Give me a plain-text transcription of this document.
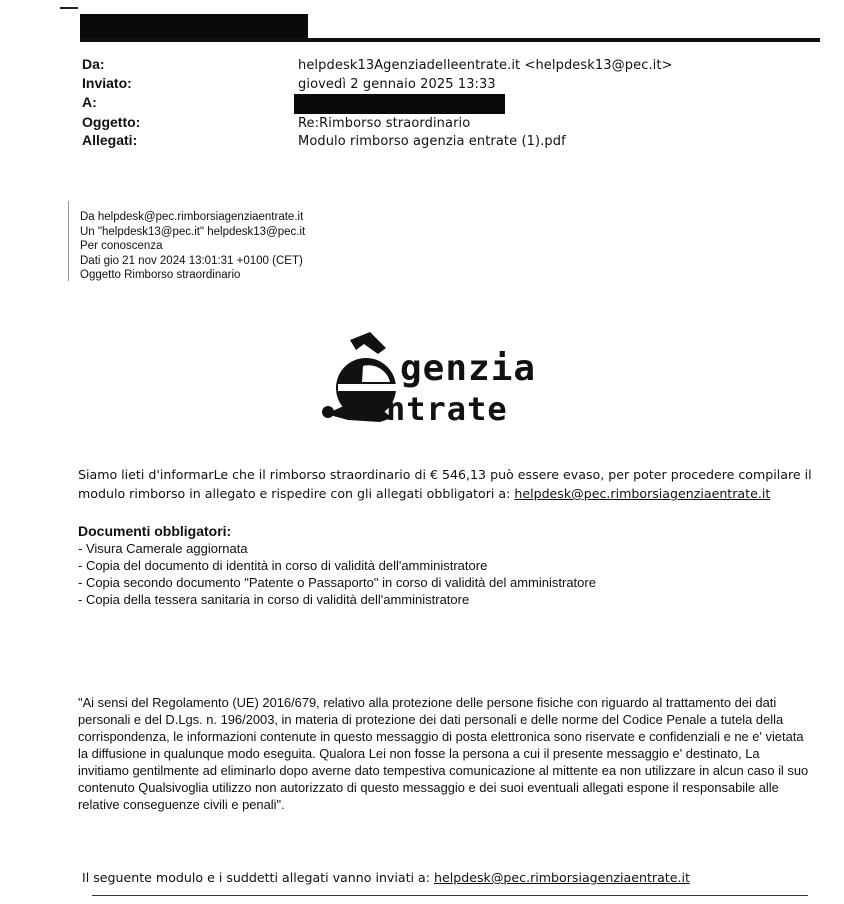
Da:	helpdesk13Agenziadelleentrate.it <helpdesk13@pec.it>
Inviato:	giovedì 2 gennaio 2025 13:33
A:
Oggetto:	Re:Rimborso straordinario
Allegati:	Modulo rimborso agenzia entrate (1).pdf
Da helpdesk@pec.rimborsiagenziaentrate.it
Un "helpdesk13@pec.it" helpdesk13@pec.it
Per conoscenza
Dati gio 21 nov 2024 13:01:31 +0100 (CET)
Oggetto Rimborso straordinario
genzia
ntrate
Siamo lieti d'informarLe che il rimborso straordinario di € 546,13 può essere evaso, per poter procedere compilare il modulo rimborso in allegato e rispedire con gli allegati obbligatori a: helpdesk@pec.rimborsiagenziaentrate.it
Documenti obbligatori:
- Visura Camerale aggiornata
- Copia del documento di identità in corso di validità dell'amministratore
- Copia secondo documento "Patente o Passaporto" in corso di validità del amministratore
- Copia della tessera sanitaria in corso di validità dell'amministratore
"Ai sensi del Regolamento (UE) 2016/679, relativo alla protezione delle persone fisiche con riguardo al trattamento dei dati personali e del D.Lgs. n. 196/2003, in materia di protezione dei dati personali e delle norme del Codice Penale a tutela della corrispondenza, le informazioni contenute in questo messaggio di posta elettronica sono riservate e confidenziali e ne e' vietata la diffusione in qualunque modo eseguita. Qualora Lei non fosse la persona a cui il presente messaggio e' destinato, La invitiamo gentilmente ad eliminarlo dopo averne dato tempestiva comunicazione al mittente ea non utilizzare in alcun caso il suo contenuto Qualsivoglia utilizzo non autorizzato di questo messaggio e dei suoi eventuali allegati espone il responsabile alle relative conseguenze civili e penali".
Il seguente modulo e i suddetti allegati vanno inviati a: helpdesk@pec.rimborsiagenziaentrate.it
